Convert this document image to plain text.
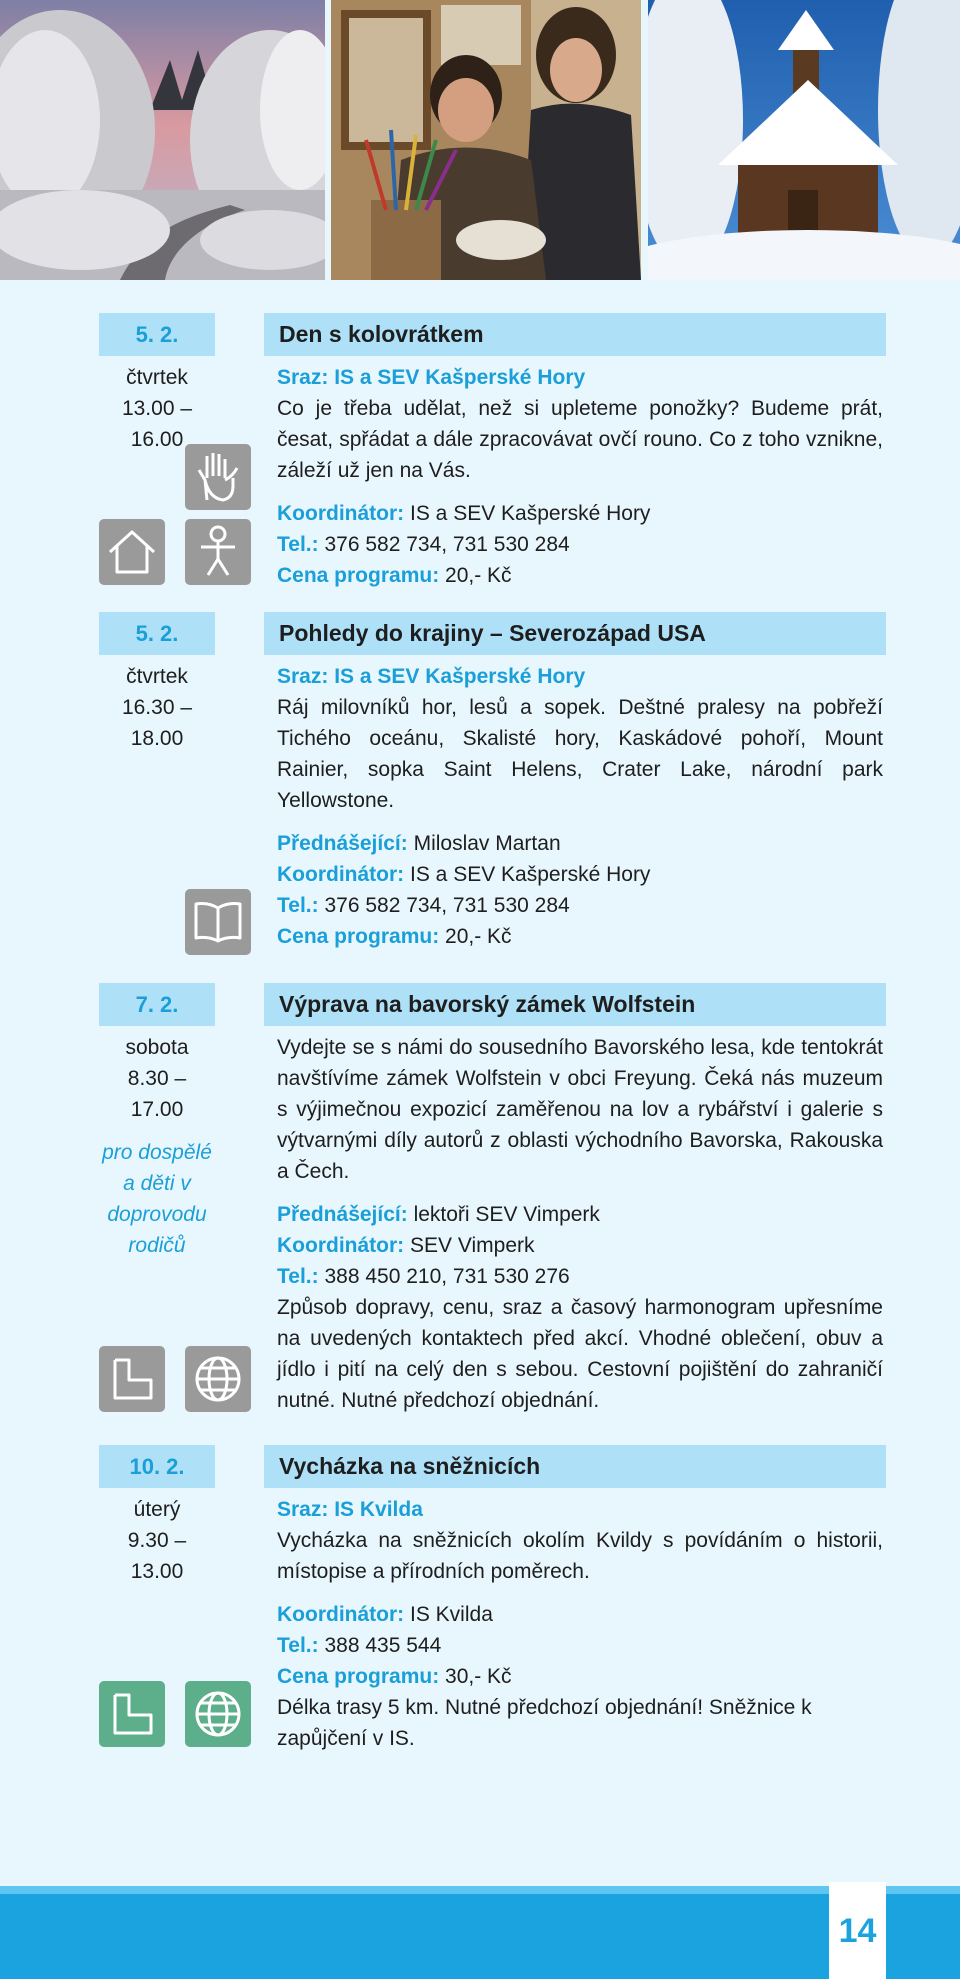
5. 2.	Den s kolovrátkem
čtvrtek
13.00 – 16.00

Sraz: IS a SEV Kašperské Hory

Co je třeba udělat, než si upleteme ponožky? Budeme prát, česat, spřádat a dále zpracovávat ovčí rouno. Co z toho vznikne, záleží už jen na Vás.

Koordinátor: IS a SEV Kašperské Hory

Tel.: 376 582 734, 731 530 284

Cena programu: 20,- Kč

5. 2.	Pohledy do krajiny – Severozápad USA
čtvrtek
16.30 – 18.00

Sraz: IS a SEV Kašperské Hory

Ráj milovníků hor, lesů a sopek. Deštné pralesy na pobřeží Tichého oceánu, Skalisté hory, Kaskádové pohoří, Mount Rainier, sopka Saint Helens, Crater Lake, národní park Yellowstone.

Přednášející: Miloslav Martan

Koordinátor: IS a SEV Kašperské Hory

Tel.: 376 582 734, 731 530 284

Cena programu: 20,- Kč

7. 2.	Výprava na bavorský zámek Wolfstein
sobota
8.30 – 17.00
pro dospělé a děti v doprovodu rodičů

Vydejte se s námi do sousedního Bavorského lesa, kde tentokrát navštívíme zámek Wolfstein v obci Freyung. Čeká nás muzeum s výjimečnou expozicí zaměřenou na lov a rybářství i galerie s výtvarnými díly autorů z oblasti východního Bavorska, Rakouska a Čech.

Přednášející: lektoři SEV Vimperk

Koordinátor: SEV Vimperk

Tel.: 388 450 210, 731 530 276

Způsob dopravy, cenu, sraz a časový harmonogram upřesníme na uvedených kontaktech před akcí. Vhodné oblečení, obuv a jídlo i pití na celý den s sebou. Cestovní pojištění do zahraničí nutné. Nutné předchozí objednání.

10. 2.	Vycházka na sněžnicích
úterý
9.30 – 13.00

Sraz: IS Kvilda

Vycházka na sněžnicích okolím Kvildy s povídáním o historii, místopise a přírodních poměrech.

Koordinátor: IS Kvilda

Tel.: 388 435 544

Cena programu: 30,- Kč

Délka trasy 5 km. Nutné předchozí objednání! Sněžnice k zapůjčení v IS.

14
